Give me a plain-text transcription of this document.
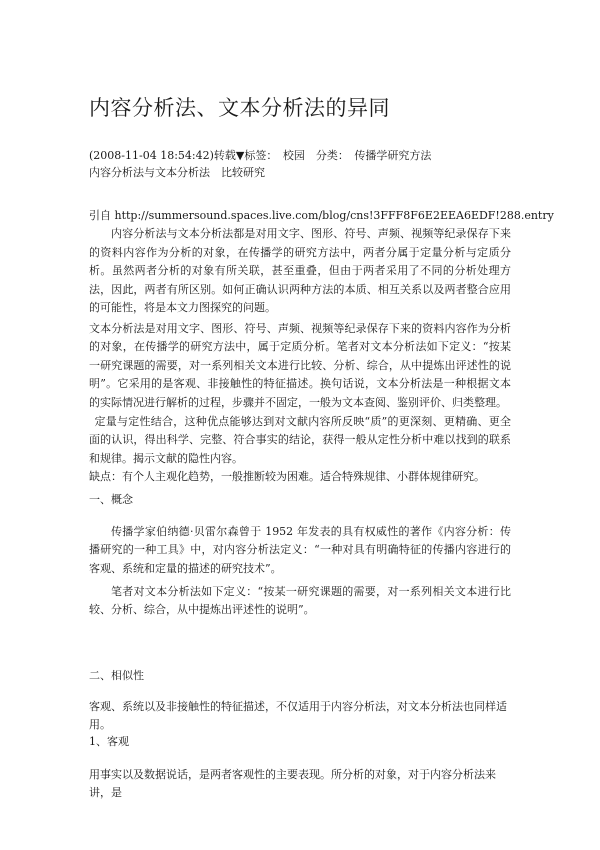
内容分析法、文本分析法的异同
(2008-11-04 18:54:42)转载▼标签：　校园　分类：　传播学研究方法
内容分析法与文本分析法　比较研究
引自 http://summersound.spaces.live.com/blog/cns!3FFF8F6E2EEA6EDF!288.entry

内容分析法与文本分析法都是对用文字、图形、符号、声频、视频等纪录保存下来的资料内容作为分析的对象，在传播学的研究方法中，两者分属于定量分析与定质分析。虽然两者分析的对象有所关联，甚至重叠，但由于两者采用了不同的分析处理方法，因此，两者有所区别。如何正确认识两种方法的本质、相互关系以及两者整合应用的可能性，将是本文力图探究的问题。

文本分析法是对用文字、图形、符号、声频、视频等纪录保存下来的资料内容作为分析的对象，在传播学的研究方法中，属于定质分析。笔者对文本分析法如下定义：“按某一研究课题的需要，对一系列相关文本进行比较、分析、综合，从中提炼出评述性的说明”。它采用的是客观、非接触性的特征描述。换句话说，文本分析法是一种根据文本的实际情况进行解析的过程，步骤并不固定，一般为文本查阅、鉴别评价、归类整理。

定量与定性结合，这种优点能够达到对文献内容所反映“质”的更深刻、更精确、更全面的认识，得出科学、完整、符合事实的结论，获得一般从定性分析中难以找到的联系和规律。揭示文献的隐性内容。

缺点：有个人主观化趋势，一般推断较为困难。适合特殊规律、小群体规律研究。

一、概念

传播学家伯纳德·贝雷尔森曾于 1952 年发表的具有权威性的著作《内容分析：传播研究的一种工具》中，对内容分析法定义：“一种对具有明确特征的传播内容进行的客观、系统和定量的描述的研究技术”。

笔者对文本分析法如下定义：“按某一研究课题的需要，对一系列相关文本进行比较、分析、综合，从中提炼出评述性的说明”。

二、相似性
客观、系统以及非接触性的特征描述，不仅适用于内容分析法，对文本分析法也同样适用。
1、客观
用事实以及数据说话，是两者客观性的主要表现。所分析的对象，对于内容分析法来讲，是
